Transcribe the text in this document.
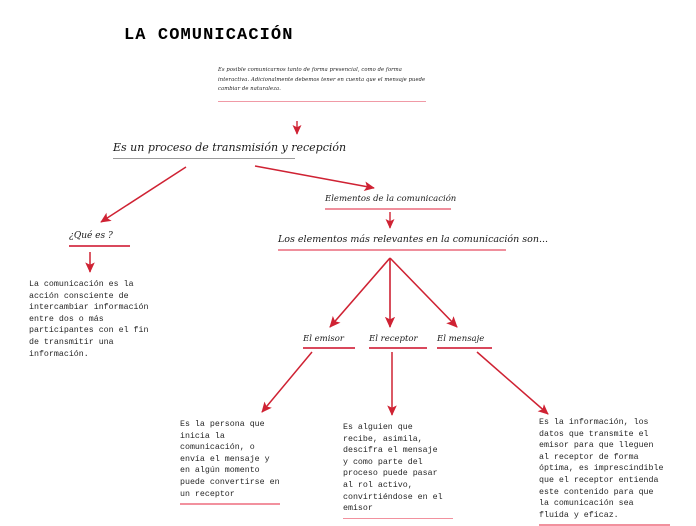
LA COMUNICACIÓN
Es posible comunicarnos tanto de forma presencial, como de forma interactiva. Adicionalmente debemos tener en cuenta que el mensaje puede cambiar de naturaleza.
Es un proceso de transmisión y recepción
Elementos de la comunicación
Los elementos más relevantes en la comunicación son...
¿Qué es ?
El emisor	El receptor	El mensaje
La comunicación es la acción consciente de intercambiar información entre dos o más participantes con el fin de transmitir una información.
Es la persona que inicia la comunicación, o envía el mensaje y en algún momento puede convertirse en un receptor
Es alguien que recibe, asimila, descifra el mensaje y como parte del proceso puede pasar al rol activo, convirtiéndose en el emisor
Es la información, los datos que transmite el emisor para que lleguen al receptor de forma óptima, es imprescindible que el receptor entienda este contenido para que la comunicación sea fluida y eficaz.
